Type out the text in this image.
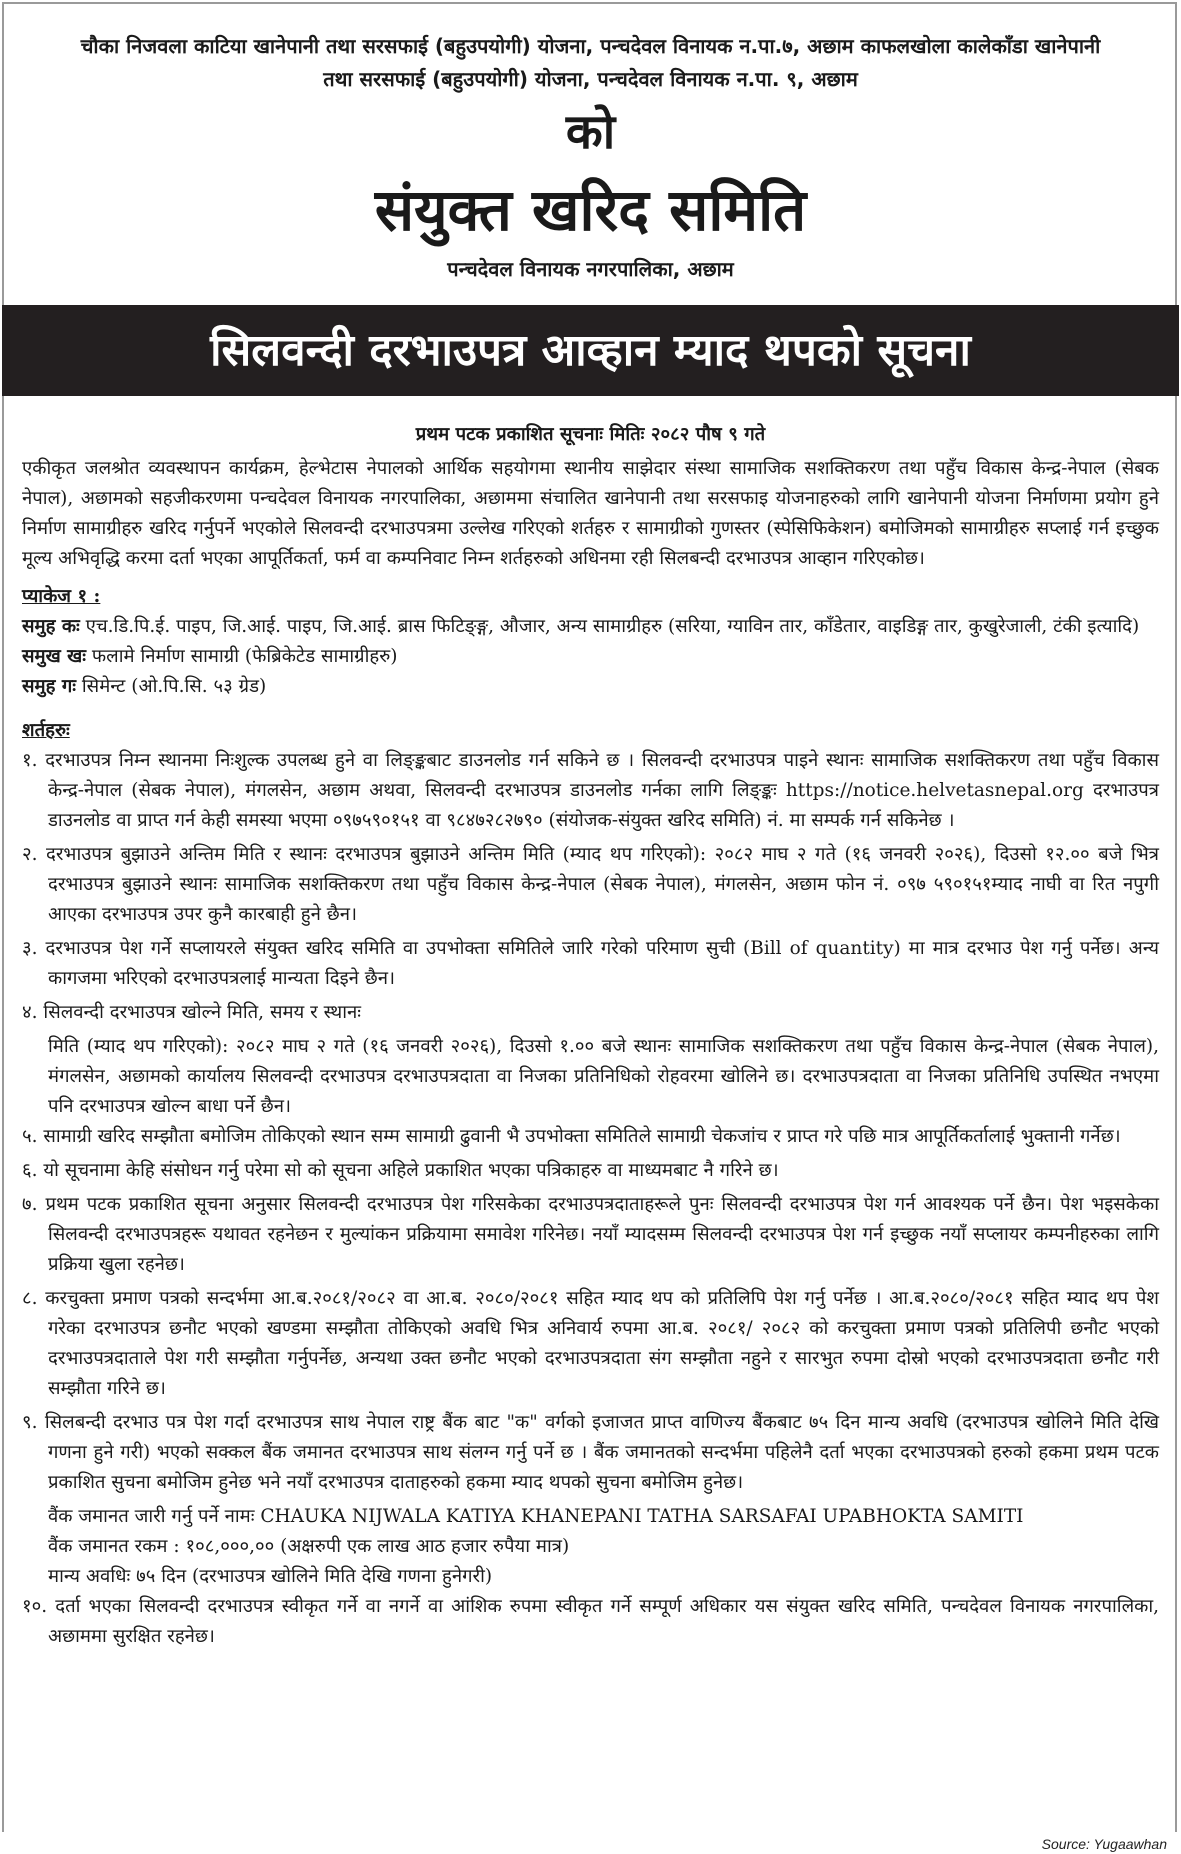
चौका निजवला काटिया खानेपानी तथा सरसफाई (बहुउपयोगी) योजना, पन्चदेवल विनायक न.पा.७, अछाम काफलखोला कालेकाँडा खानेपानी
तथा सरसफाई (बहुउपयोगी) योजना, पन्चदेवल विनायक न.पा. ९, अछाम
को
संयुक्त खरिद समिति
पन्चदेवल विनायक नगरपालिका, अछाम
सिलवन्दी दरभाउपत्र आव्हान म्याद थपको सूचना
प्रथम पटक प्रकाशित सूचनाः मितिः २०८२ पौष ९ गते
एकीकृत जलश्रोत व्यवस्थापन कार्यक्रम, हेल्भेटास नेपालको आर्थिक सहयोगमा स्थानीय साझेदार संस्था सामाजिक सशक्तिकरण तथा पहुँच विकास केन्द्र-नेपाल (सेबक नेपाल), अछामको सहजीकरणमा पन्चदेवल विनायक नगरपालिका, अछाममा संचालित खानेपानी तथा सरसफाइ योजनाहरुको लागि खानेपानी योजना निर्माणमा प्रयोग हुने निर्माण सामाग्रीहरु खरिद गर्नुपर्ने भएकोले सिलवन्दी दरभाउपत्रमा उल्लेख गरिएको शर्तहरु र सामाग्रीको गुणस्तर (स्पेसिफिकेशन) बमोजिमको सामाग्रीहरु सप्लाई गर्न इच्छुक मूल्य अभिवृद्धि करमा दर्ता भएका आपूर्तिकर्ता, फर्म वा कम्पनिवाट निम्न शर्तहरुको अधिनमा रही सिलबन्दी दरभाउपत्र आव्हान गरिएकोछ।
प्याकेज १ :
समुह कः एच.डि.पि.ई. पाइप, जि.आई. पाइप, जि.आई. ब्रास फिटिङ्ङ्ग, औजार, अन्य सामाग्रीहरु (सरिया, ग्याविन तार, काँडेतार, वाइडिङ्ग तार, कुखुरेजाली, टंकी इत्यादि)
समुख खः फलामे निर्माण सामाग्री (फेब्रिकेटेड सामाग्रीहरु)
समुह गः सिमेन्ट (ओ.पि.सि. ५३ ग्रेड)
शर्तहरुः
१. दरभाउपत्र निम्न स्थानमा निःशुल्क उपलब्ध हुने वा लिङ्ङ्कबाट डाउनलोड गर्न सकिने छ । सिलवन्दी दरभाउपत्र पाइने स्थानः सामाजिक सशक्तिकरण तथा पहुँच विकास केन्द्र-नेपाल (सेबक नेपाल), मंगलसेन, अछाम अथवा, सिलवन्दी दरभाउपत्र डाउनलोड गर्नका लागि लिङ्ङ्कः https://notice.helvetasnepal.org दरभाउपत्र डाउनलोड वा प्राप्त गर्न केही समस्या भएमा ०९७५९०१५१ वा ९८४७२८२७९० (संयोजक-संयुक्त खरिद समिति) नं. मा सम्पर्क गर्न सकिनेछ ।
२. दरभाउपत्र बुझाउने अन्तिम मिति र स्थानः दरभाउपत्र बुझाउने अन्तिम मिति (म्याद थप गरिएको): २०८२ माघ २ गते (१६ जनवरी २०२६), दिउसो १२.०० बजे भित्र दरभाउपत्र बुझाउने स्थानः सामाजिक सशक्तिकरण तथा पहुँच विकास केन्द्र-नेपाल (सेबक नेपाल), मंगलसेन, अछाम फोन नं. ०९७ ५९०१५१म्याद नाघी वा रित नपुगी आएका दरभाउपत्र उपर कुनै कारबाही हुने छैन।
३. दरभाउपत्र पेश गर्ने सप्लायरले संयुक्त खरिद समिति वा उपभोक्ता समितिले जारि गरेको परिमाण सुची (Bill of quantity) मा मात्र दरभाउ पेश गर्नु पर्नेछ। अन्य कागजमा भरिएको दरभाउपत्रलाई मान्यता दिइने छैन।
४. सिलवन्दी दरभाउपत्र खोल्ने मिति, समय र स्थानः
मिति (म्याद थप गरिएको): २०८२ माघ २ गते (१६ जनवरी २०२६), दिउसो १.०० बजे स्थानः सामाजिक सशक्तिकरण तथा पहुँच विकास केन्द्र-नेपाल (सेबक नेपाल), मंगलसेन, अछामको कार्यालय सिलवन्दी दरभाउपत्र दरभाउपत्रदाता वा निजका प्रतिनिधिको रोहवरमा खोलिने छ। दरभाउपत्रदाता वा निजका प्रतिनिधि उपस्थित नभएमा पनि दरभाउपत्र खोल्न बाधा पर्ने छैन।
५. सामाग्री खरिद सम्झौता बमोजिम तोकिएको स्थान सम्म सामाग्री ढुवानी भै उपभोक्ता समितिले सामाग्री चेकजांच र प्राप्त गरे पछि मात्र आपूर्तिकर्तालाई भुक्तानी गर्नेछ।
६. यो सूचनामा केहि संसोधन गर्नु परेमा सो को सूचना अहिले प्रकाशित भएका पत्रिकाहरु वा माध्यमबाट नै गरिने छ।
७. प्रथम पटक प्रकाशित सूचना अनुसार सिलवन्दी दरभाउपत्र पेश गरिसकेका दरभाउपत्रदाताहरूले पुनः सिलवन्दी दरभाउपत्र पेश गर्न आवश्यक पर्ने छैन। पेश भइसकेका सिलवन्दी दरभाउपत्रहरू यथावत रहनेछन र मुल्यांकन प्रक्रियामा समावेश गरिनेछ। नयाँ म्यादसम्म सिलवन्दी दरभाउपत्र पेश गर्न इच्छुक नयाँ सप्लायर कम्पनीहरुका लागि प्रक्रिया खुला रहनेछ।
८. करचुक्ता प्रमाण पत्रको सन्दर्भमा आ.ब.२०८१/२०८२ वा आ.ब. २०८०/२०८१ सहित म्याद थप को प्रतिलिपि पेश गर्नु पर्नेछ । आ.ब.२०८०/२०८१ सहित म्याद थप पेश गरेका दरभाउपत्र छनौट भएको खण्डमा सम्झौता तोकिएको अवधि भित्र अनिवार्य रुपमा आ.ब. २०८१/ २०८२ को करचुक्ता प्रमाण पत्रको प्रतिलिपी छनौट भएको दरभाउपत्रदाताले पेश गरी सम्झौता गर्नुपर्नेछ, अन्यथा उक्त छनौट भएको दरभाउपत्रदाता संग सम्झौता नहुने र सारभुत रुपमा दोस्रो भएको दरभाउपत्रदाता छनौट गरी सम्झौता गरिने छ।
९. सिलबन्दी दरभाउ पत्र पेश गर्दा दरभाउपत्र साथ नेपाल राष्ट्र बैंक बाट "क" वर्गको इजाजत प्राप्त वाणिज्य बैंकबाट ७५ दिन मान्य अवधि (दरभाउपत्र खोलिने मिति देखि गणना हुने गरी) भएको सक्कल बैंक जमानत दरभाउपत्र साथ संलग्न गर्नु पर्ने छ । बैंक जमानतको सन्दर्भमा पहिलेनै दर्ता भएका दरभाउपत्रको हरुको हकमा प्रथम पटक प्रकाशित सुचना बमोजिम हुनेछ भने नयाँ दरभाउपत्र दाताहरुको हकमा म्याद थपको सुचना बमोजिम हुनेछ।
वैंक जमानत जारी गर्नु पर्ने नामः CHAUKA NIJWALA KATIYA KHANEPANI TATHA SARSAFAI UPABHOKTA SAMITI
वैंक जमानत रकम : १०८,०००,०० (अक्षरुपी एक लाख आठ हजार रुपैया मात्र)
मान्य अवधिः ७५ दिन (दरभाउपत्र खोलिने मिति देखि गणना हुनेगरी)
१०. दर्ता भएका सिलवन्दी दरभाउपत्र स्वीकृत गर्ने वा नगर्ने वा आंशिक रुपमा स्वीकृत गर्ने सम्पूर्ण अधिकार यस संयुक्त खरिद समिति, पन्चदेवल विनायक नगरपालिका, अछाममा सुरक्षित रहनेछ।
Source: Yugaawhan
